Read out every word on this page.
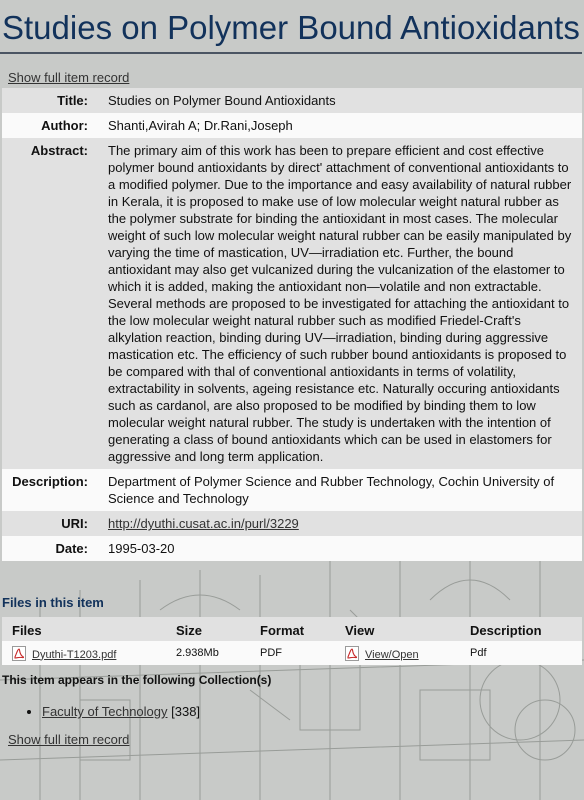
Studies on Polymer Bound Antioxidants
Show full item record
Title:	Studies on Polymer Bound Antioxidants
Author:	Shanti,Avirah A; Dr.Rani,Joseph
Abstract:	The primary aim of this work has been to prepare efficient and cost effective polymer bound antioxidants by direct' attachment of conventional antioxidants to a modified polymer. Due to the importance and easy availability of natural rubber in Kerala, it is proposed to make use of low molecular weight natural rubber as the polymer substrate for binding the antioxidant in most cases. The molecular weight of such low molecular weight natural rubber can be easily manipulated by varying the time of mastication, UV—irradiation etc. Further, the bound antioxidant may also get vulcanized during the vulcanization of the elastomer to which it is added, making the antioxidant non—volatile and non extractable. Several methods are proposed to be investigated for attaching the antioxidant to the low molecular weight natural rubber such as modified Friedel-Craft's alkylation reaction, binding during UV—irradiation, binding during aggressive mastication etc. The efficiency of such rubber bound antioxidants is proposed to be compared with thal of conventional antioxidants in terms of volatility, extractability in solvents, ageing resistance etc. Naturally occuring antioxidants such as cardanol, are also proposed to be modified by binding them to low molecular weight natural rubber. The study is undertaken with the intention of generating a class of bound antioxidants which can be used in elastomers for aggressive and long term application.
Description:	Department of Polymer Science and Rubber Technology, Cochin University of Science and Technology
URI:	http://dyuthi.cusat.ac.in/purl/3229
Date:	1995-03-20
Files in this item
Files	Size	Format	View	Description
Dyuthi-T1203.pdf	2.938Mb	PDF	View/Open	Pdf
This item appears in the following Collection(s)
• Faculty of Technology [338]
Show full item record
